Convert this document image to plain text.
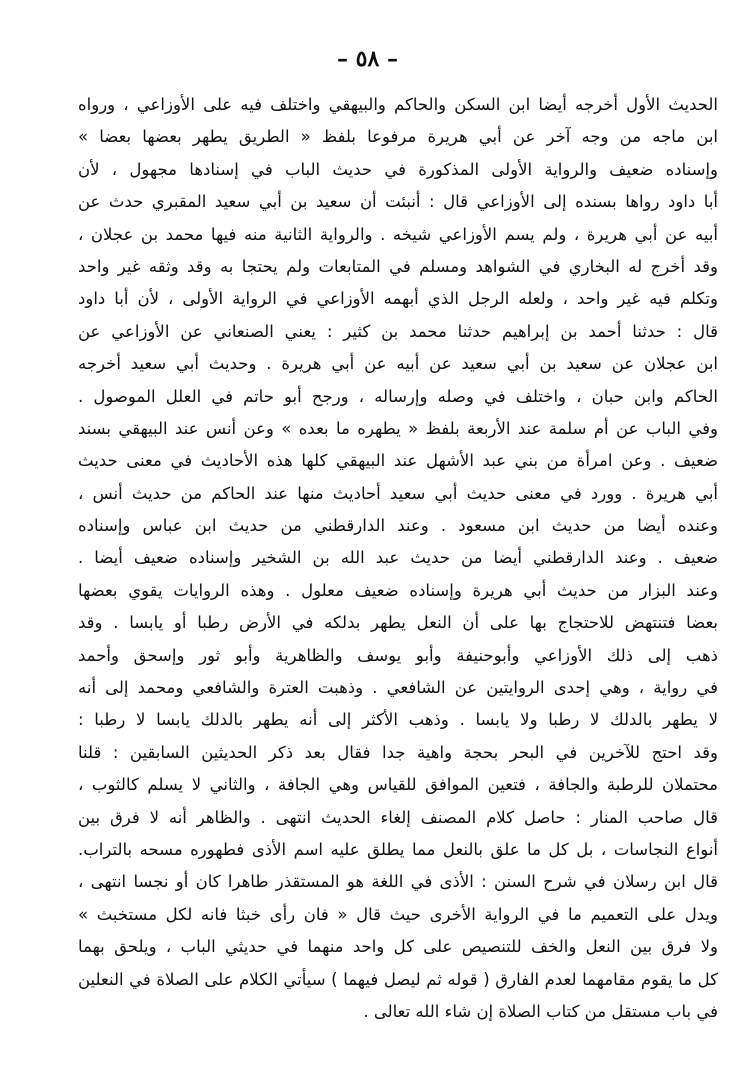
– ٥٨ –
الحديث الأول أخرجه أيضا ابن السكن والحاكم والبيهقي واختلف فيه على الأوزاعي ، ورواه
ابن ماجه من وجه آخر عن أبي هريرة مرفوعا بلفظ « الطريق يطهر بعضها بعضا »
وإسناده ضعيف والرواية الأولى المذكورة في حديث الباب في إسنادها مجهول ، لأن
أبا داود رواها بسنده إلى الأوزاعي قال : أنبئت أن سعيد بن أبي سعيد المقبري حدث عن
أبيه عن أبي هريرة ، ولم يسم الأوزاعي شيخه . والرواية الثانية منه فيها محمد بن عجلان ،
وقد أخرج له البخاري في الشواهد ومسلم في المتابعات ولم يحتجا به وقد وثقه غير واحد
وتكلم فيه غير واحد ، ولعله الرجل الذي أبهمه الأوزاعي في الرواية الأولى ، لأن أبا داود
قال : حدثنا أحمد بن إبراهيم حدثنا محمد بن كثير : يعني الصنعاني عن الأوزاعي عن
ابن عجلان عن سعيد بن أبي سعيد عن أبيه عن أبي هريرة . وحديث أبي سعيد أخرجه
الحاكم وابن حبان ، واختلف في وصله وإرساله ، ورجح أبو حاتم في العلل الموصول .
وفي الباب عن أم سلمة عند الأربعة بلفظ « يطهره ما بعده » وعن أنس عند البيهقي بسند
ضعيف . وعن امرأة من بني عبد الأشهل عند البيهقي كلها هذه الأحاديث في معنى حديث
أبي هريرة . وورد في معنى حديث أبي سعيد أحاديث منها عند الحاكم من حديث أنس ،
وعنده أيضا من حديث ابن مسعود . وعند الدارقطني من حديث ابن عباس وإسناده
ضعيف . وعند الدارقطني أيضا من حديث عبد الله بن الشخير وإسناده ضعيف أيضا .
وعند البزار من حديث أبي هريرة وإسناده ضعيف معلول . وهذه الروايات يقوي بعضها
بعضا فتنتهض للاحتجاج بها على أن النعل يطهر بدلكه في الأرض رطبا أو يابسا . وقد
ذهب إلى ذلك الأوزاعي وأبوحنيفة وأبو يوسف والظاهرية وأبو ثور وإسحق وأحمد
في رواية ، وهي إحدى الروايتين عن الشافعي . وذهبت العترة والشافعي ومحمد إلى أنه
لا يطهر بالدلك لا رطبا ولا يابسا . وذهب الأكثر إلى أنه يطهر بالدلك يابسا لا رطبا :
وقد احتج للآخرين في البحر بحجة واهية جدا فقال بعد ذكر الحديثين السابقين : قلنا
محتملان للرطبة والجافة ، فتعين الموافق للقياس وهي الجافة ، والثاني لا يسلم كالثوب ،
قال صاحب المنار : حاصل كلام المصنف إلغاء الحديث انتهى . والظاهر أنه لا فرق بين
أنواع النجاسات ، بل كل ما علق بالنعل مما يطلق عليه اسم الأذى فطهوره مسحه بالتراب.
قال ابن رسلان في شرح السنن : الأذى في اللغة هو المستقذر طاهرا كان أو نجسا انتهى ،
ويدل على التعميم ما في الرواية الأخرى حيث قال « فان رأى خبثا فانه لكل مستخبث »
ولا فرق بين النعل والخف للتنصيص على كل واحد منهما في حديثي الباب ، ويلحق بهما
كل ما يقوم مقامهما لعدم الفارق ( قوله ثم ليصل فيهما ) سيأتي الكلام على الصلاة في النعلين
في باب مستقل من كتاب الصلاة إن شاء الله تعالى .
